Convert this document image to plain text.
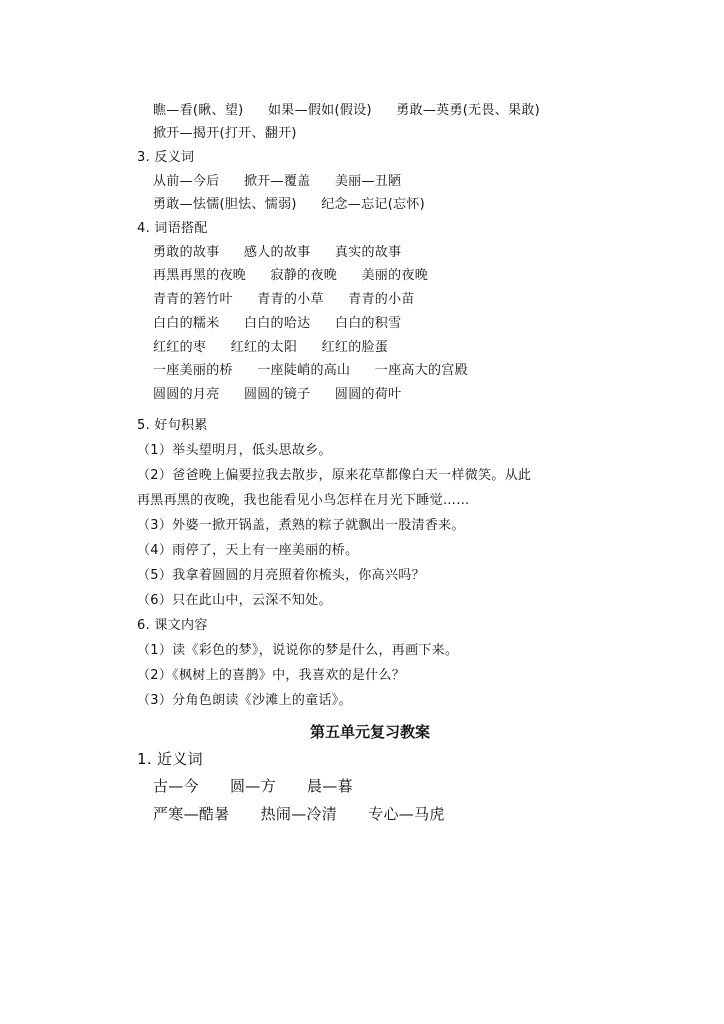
瞧—看(瞅、望) 如果—假如(假设) 勇敢—英勇(无畏、果敢)
掀开—揭开(打开、翻开)
3. 反义词
从前—今后 掀开—覆盖 美丽—丑陋
勇敢—怯懦(胆怯、懦弱) 纪念—忘记(忘怀)
4. 词语搭配
勇敢的故事 感人的故事 真实的故事
再黑再黑的夜晚 寂静的夜晚 美丽的夜晚
青青的箬竹叶 青青的小草 青青的小苗
白白的糯米 白白的哈达 白白的积雪
红红的枣 红红的太阳 红红的脸蛋
一座美丽的桥 一座陡峭的高山 一座高大的宫殿
圆圆的月亮 圆圆的镜子 圆圆的荷叶
5. 好句积累
（1）举头望明月，低头思故乡。
（2）爸爸晚上偏要拉我去散步，原来花草都像白天一样微笑。从此
再黑再黑的夜晚，我也能看见小鸟怎样在月光下睡觉……
（3）外婆一掀开锅盖，煮熟的粽子就飘出一股清香来。
（4）雨停了，天上有一座美丽的桥。
（5）我拿着圆圆的月亮照着你梳头，你高兴吗？
（6）只在此山中，云深不知处。
6. 课文内容
（1）读《彩色的梦》，说说你的梦是什么，再画下来。
（2）《枫树上的喜鹊》中，我喜欢的是什么？
（3）分角色朗读《沙滩上的童话》。
第五单元复习教案
1. 近义词
古—今 圆—方 晨—暮
严寒—酷暑 热闹—冷清 专心—马虎
